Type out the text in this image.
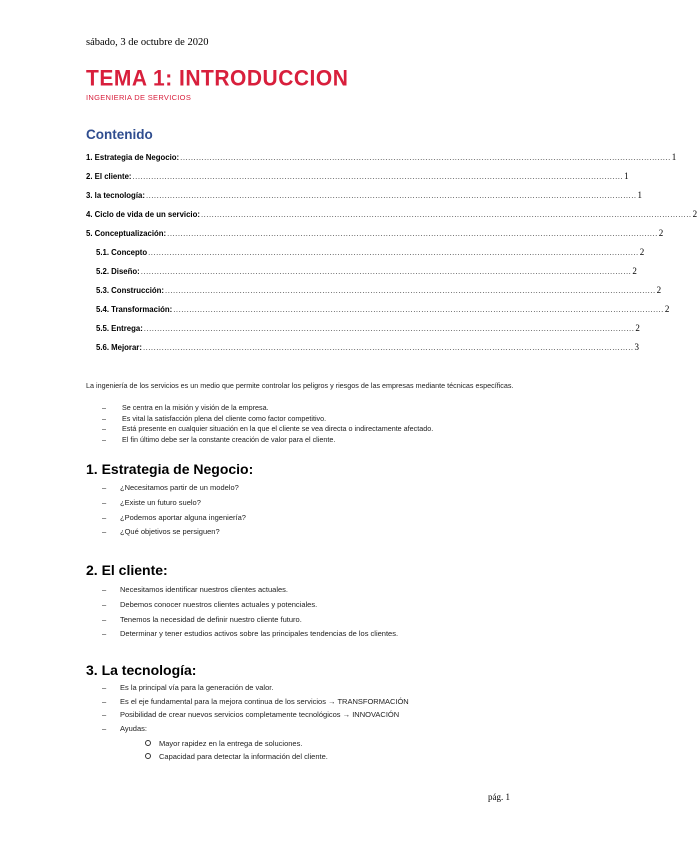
sábado, 3 de octubre de 2020
TEMA 1: INTRODUCCION
INGENIERIA DE SERVICIOS
Contenido
1. Estrategia de Negocio: ........................................................................................................................................................................................ 1
2. El cliente: ........................................................................................................................................................................................ 1
3. la tecnología: ........................................................................................................................................................................................ 1
4. Ciclo de vida de un servicio: ........................................................................................................................................................................................ 2
5. Conceptualización: ........................................................................................................................................................................................ 2
5.1. Concepto ........................................................................................................................................................................................ 2
5.2. Diseño: ........................................................................................................................................................................................ 2
5.3. Construcción: ........................................................................................................................................................................................ 2
5.4. Transformación: ........................................................................................................................................................................................ 2
5.5. Entrega: ........................................................................................................................................................................................ 2
5.6. Mejorar: ........................................................................................................................................................................................ 3
La ingeniería de los servicios es un medio que permite controlar los peligros y riesgos de las empresas mediante técnicas específicas.
– Se centra en la misión y visión de la empresa.
– Es vital la satisfacción plena del cliente como factor competitivo.
– Está presente en cualquier situación en la que el cliente se vea directa o indirectamente afectado.
– El fin último debe ser la constante creación de valor para el cliente.
1. Estrategia de Negocio:
– ¿Necesitamos partir de un modelo?
– ¿Existe un futuro suelo?
– ¿Podemos aportar alguna ingeniería?
– ¿Qué objetivos se persiguen?
2. El cliente:
– Necesitamos identificar nuestros clientes actuales.
– Debemos conocer nuestros clientes actuales y potenciales.
– Tenemos la necesidad de definir nuestro cliente futuro.
– Determinar y tener estudios activos sobre las principales tendencias de los clientes.
3. La tecnología:
– Es la principal vía para la generación de valor.
– Es el eje fundamental para la mejora continua de los servicios → TRANSFORMACIÓN
– Posibilidad de crear nuevos servicios completamente tecnológicos → INNOVACIÓN
– Ayudas:
Mayor rapidez en la entrega de soluciones.
Capacidad para detectar la información del cliente.
pág. 1
